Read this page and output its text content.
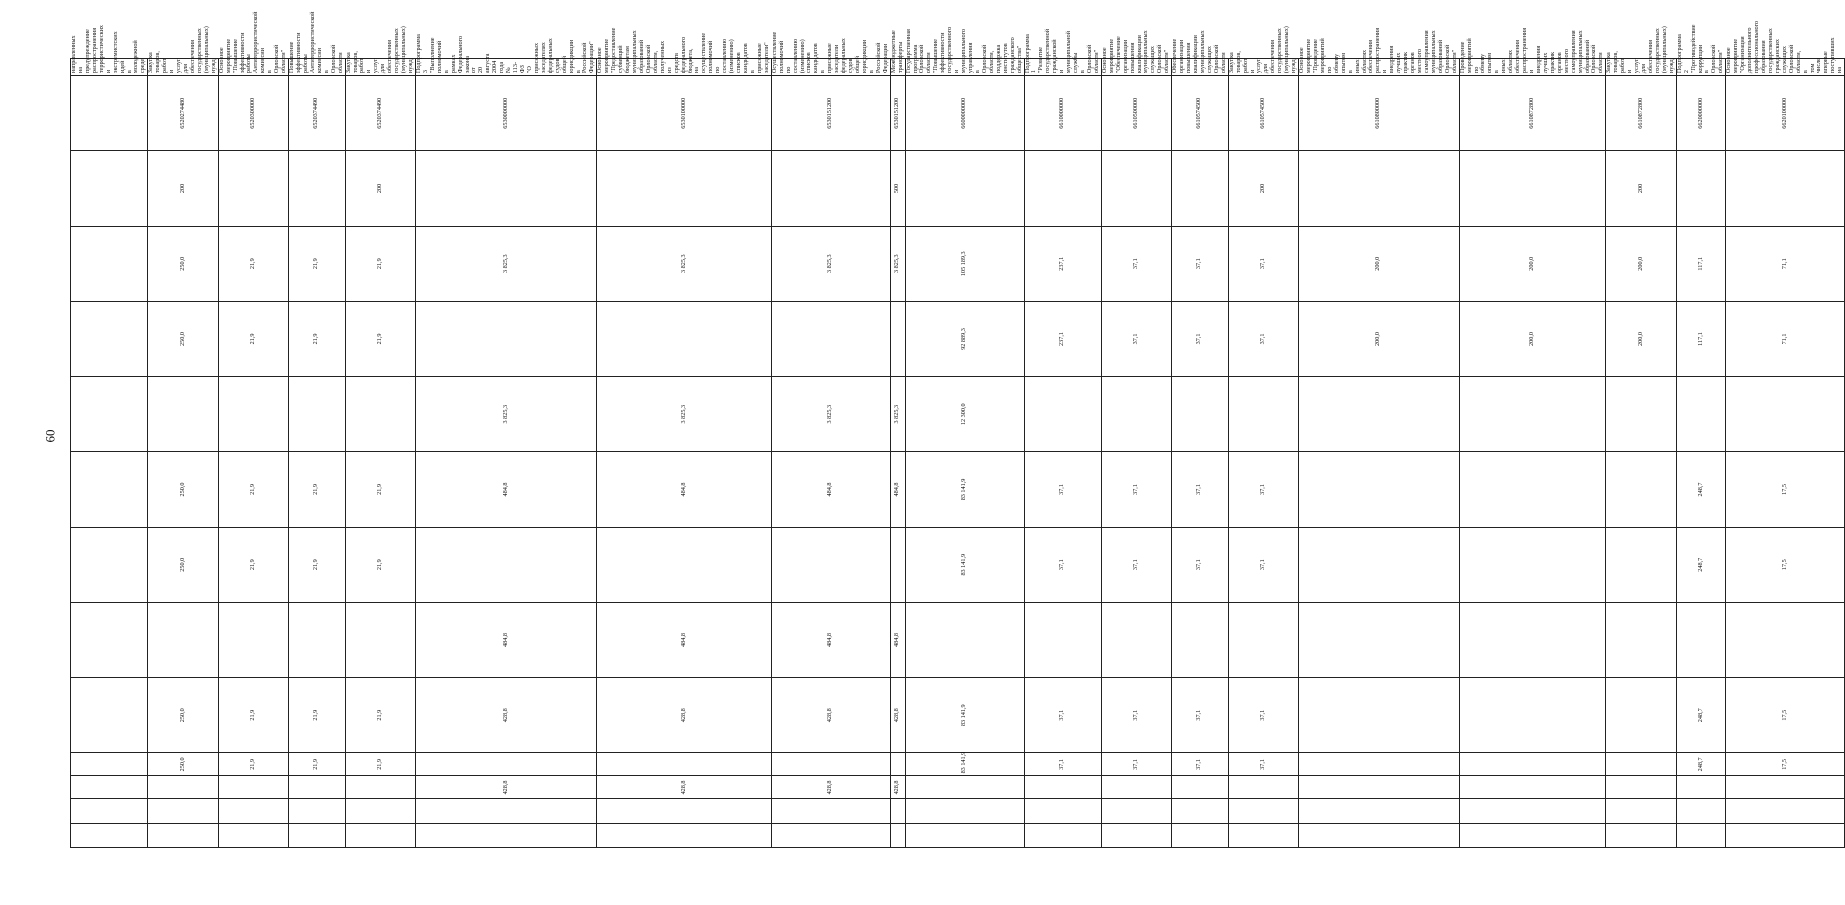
60
													направленных на предупреждение распространения террористических и экстремистских идей в молодежной среде
			250,0	250,0		250,0	250,0		250,0	250,0	200	6520274480	Закупка товаров, работ и услуг для обеспечения государственных (муниципальных) нужд
			21,9	21,9		21,9	21,9		21,9	21,9		6520300000	Основное мероприятие "Повышение эффективности работы Антитеррористической комиссии в Орловской области"
			21,9	21,9		21,9	21,9		21,9	21,9		6520374490	Повышение эффективности работы Антитеррористической комиссии в Орловской области
			21,9	21,9		21,9	21,9		21,9	21,9	200	6520374490	Закупка товаров, работ и услуг для обеспечения государственных (муниципальных) нужд
		428,8		428,8	484,8		484,8	3 825,3		3 825,3		6530000000	Подпрограмма 3 "Выполнение полномочий в рамках Федерального закона от 20 августа 2004 года № 113-ФЗ "О присяжных заседателях федеральных судов общей юрисдикции в Российской Федерации"
		428,8		428,8	484,8		484,8	3 825,3		3 825,3		6530100000	Основное мероприятие "Предоставление субвенций бюджетам муниципальных образований Орловской области, полученных из средств федерального бюджета, на осуществление полномочий по составлению (изменению) списков кандидатов в присяжные заседатели"
		428,8		428,8	484,8		484,8	3 825,3		3 825,3		6530151200	Осуществление полномочий по составлению (изменению) списков кандидатов в присяжные заседатели федеральных судов общей юрисдикции в Российской Федерации
		428,8		428,8	484,8		484,8	3 825,3		3 825,3	500	6530151200	Межбюджетные трансферты
			83 141,9	83 141,9		83 141,9	83 141,9	12 300,0	92 889,3	105 189,3		6600000000	Государственная программа Орловской области "Повышение эффективности государственного и муниципального управления в Орловской области, поддержка институтов гражданского общества"
			37,1	37,1		37,1	37,1		237,1	237,1		6610000000	Подпрограмма 1 "Развитие государственной гражданской и муниципальной службы в Орловской области"
			37,1	37,1		37,1	37,1		37,1	37,1		6610500000	Основное мероприятие "Обеспечение организации повышения квалификации муниципальных служащих Орловской области"
			37,1	37,1		37,1	37,1		37,1	37,1		6610574500	Обеспечение организации повышения квалификации муниципальных служащих Орловской области
			37,1	37,1		37,1	37,1		37,1	37,1	200	6610574500	Закупка товаров, работ и услуг для обеспечения государственных (муниципальных) нужд
									200,0	200,0		6610800000	Основное мероприятие "Проведение мероприятий по обмену опытом в иных областях обеспечения распространения и внедрения лучших практик органов местного самоуправления муниципальных образований Орловской области"
									200,0	200,0		6610872800	Проведение мероприятий по обмену опытом в иных областях обеспечения распространения и внедрения лучших практик органов местного самоуправления муниципальных образований Орловской области
									200,0	200,0	200	6610872800	Закупка товаров, работ и услуг для обеспечения государственных (муниципальных) нужд
			248,7	248,7		248,7	248,7		117,1	117,1		6620000000	Подпрограмма 2 "Противодействие коррупции в Орловской области"
			17,5	17,5		17,5	17,5		71,1	71,1		6620100000	Основное мероприятие "Организация дополнительного профессионального образования государственных гражданских служащих Орловской области, в том числе впервые поступивших на
